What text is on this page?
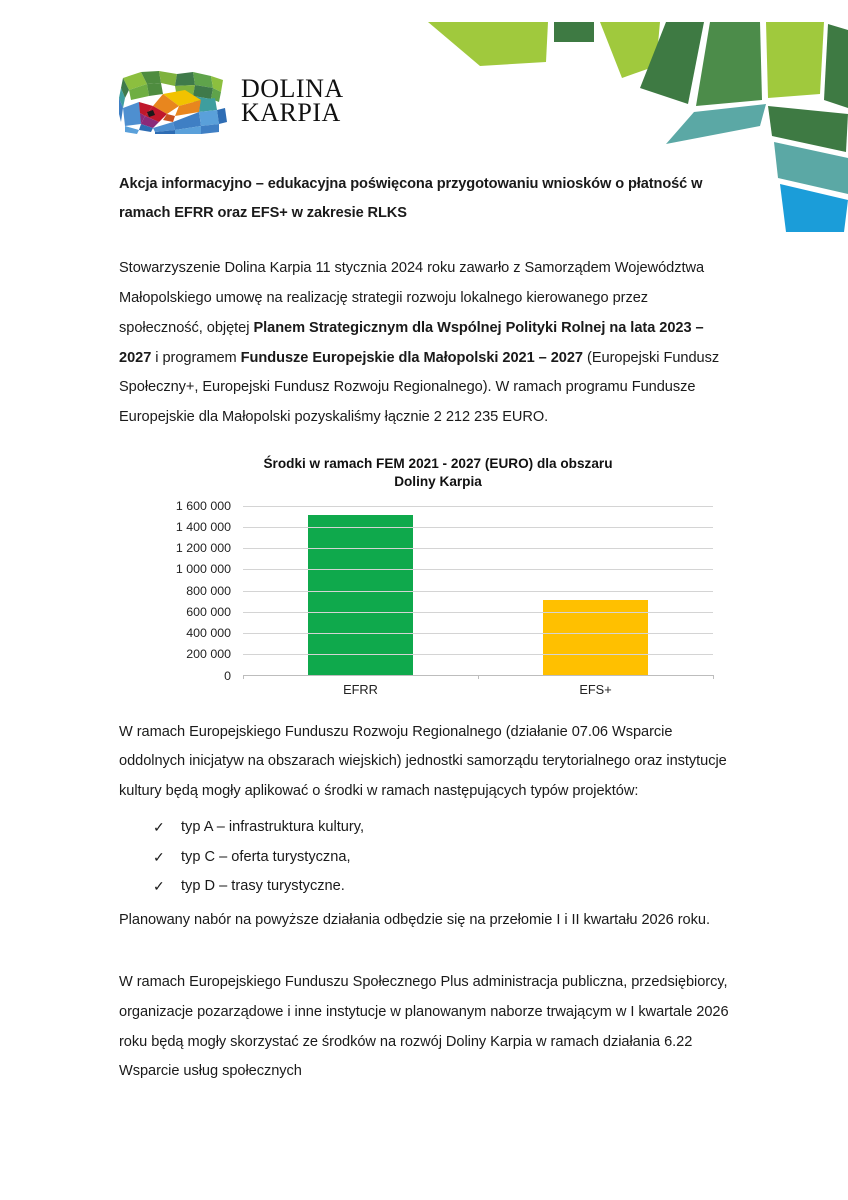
DOLINA
KARPIA
Akcja informacyjno – edukacyjna poświęcona przygotowaniu wniosków o płatność w ramach EFRR oraz EFS+ w zakresie RLKS

Stowarzyszenie Dolina Karpia 11 stycznia 2024 roku zawarło z Samorządem Województwa Małopolskiego umowę na realizację strategii rozwoju lokalnego kierowanego przez społeczność, objętej Planem Strategicznym dla Wspólnej Polityki Rolnej na lata 2023 – 2027 i programem Fundusze Europejskie dla Małopolski 2021 – 2027 (Europejski Fundusz Społeczny+, Europejski Fundusz Rozwoju Regionalnego). W ramach programu Fundusze Europejskie dla Małopolski pozyskaliśmy łącznie 2 212 235 EURO.

Środki w ramach FEM 2021 - 2027 (EURO) dla obszaru
Doliny Karpia
1 600 000
1 400 000
1 200 000
1 000 000
800 000
600 000
400 000
200 000
0
EFRR	EFS+

W ramach Europejskiego Funduszu Rozwoju Regionalnego (działanie 07.06 Wsparcie oddolnych inicjatyw na obszarach wiejskich) jednostki samorządu terytorialnego oraz instytucje kultury będą mogły aplikować o środki w ramach następujących typów projektów:

✓ typ A – infrastruktura kultury,
✓ typ C – oferta turystyczna,
✓ typ D – trasy turystyczne.

Planowany nabór na powyższe działania odbędzie się na przełomie I i II kwartału 2026 roku.

W ramach Europejskiego Funduszu Społecznego Plus administracja publiczna, przedsiębiorcy, organizacje pozarządowe i inne instytucje w planowanym naborze trwającym w I kwartale 2026 roku będą mogły skorzystać ze środków na rozwój Doliny Karpia w ramach działania 6.22 Wsparcie usług społecznych
